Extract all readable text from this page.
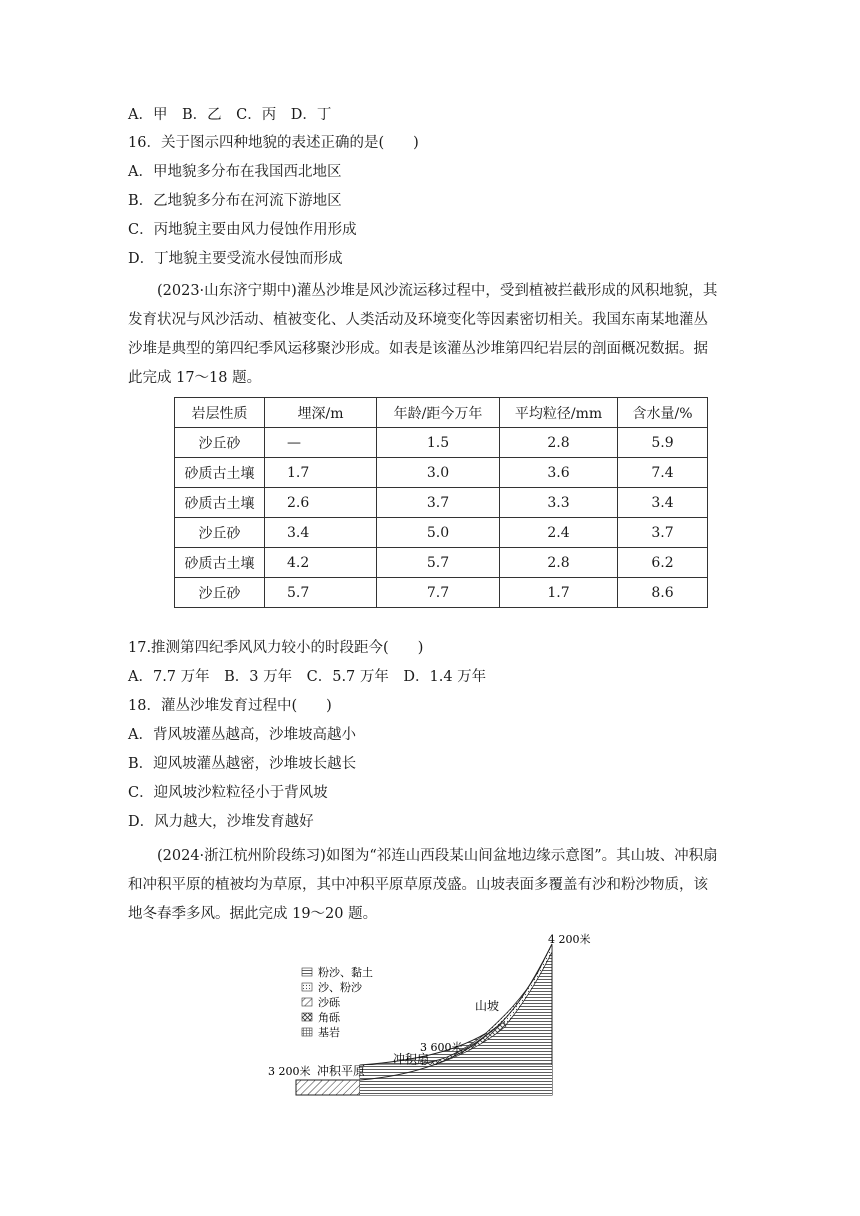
A．甲　B．乙　C．丙　D．丁
16．关于图示四种地貌的表述正确的是(　　)
A．甲地貌多分布在我国西北地区
B．乙地貌多分布在河流下游地区
C．丙地貌主要由风力侵蚀作用形成
D．丁地貌主要受流水侵蚀而形成
(2023·山东济宁期中)灌丛沙堆是风沙流运移过程中，受到植被拦截形成的风积地貌，其
发育状况与风沙活动、植被变化、人类活动及环境变化等因素密切相关。我国东南某地灌丛
沙堆是典型的第四纪季风运移聚沙形成。如表是该灌丛沙堆第四纪岩层的剖面概况数据。据
此完成 17～18 题。
岩层性质	埋深/m	年龄/距今万年	平均粒径/mm	含水量/%
沙丘砂	—	1.5	2.8	5.9
砂质古土壤	1.7	3.0	3.6	7.4
砂质古土壤	2.6	3.7	3.3	3.4
沙丘砂	3.4	5.0	2.4	3.7
砂质古土壤	4.2	5.7	2.8	6.2
沙丘砂	5.7	7.7	1.7	8.6
17.推测第四纪季风风力较小的时段距今(　　)
A．7.7 万年　B．3 万年　C．5.7 万年　D．1.4 万年
18．灌丛沙堆发育过程中(　　)
A．背风坡灌丛越高，沙堆坡高越小
B．迎风坡灌丛越密，沙堆坡长越长
C．迎风坡沙粒粒径小于背风坡
D．风力越大，沙堆发育越好
(2024·浙江杭州阶段练习)如图为“祁连山西段某山间盆地边缘示意图”。其山坡、冲积扇
和冲积平原的植被均为草原，其中冲积平原草原茂盛。山坡表面多覆盖有沙和粉沙物质，该
地冬春季多风。据此完成 19～20 题。
粉沙、黏土
沙、粉沙
沙砾
角砾
基岩
4 200米
山坡
3 600米
冲积扇
3 200米 冲积平原
